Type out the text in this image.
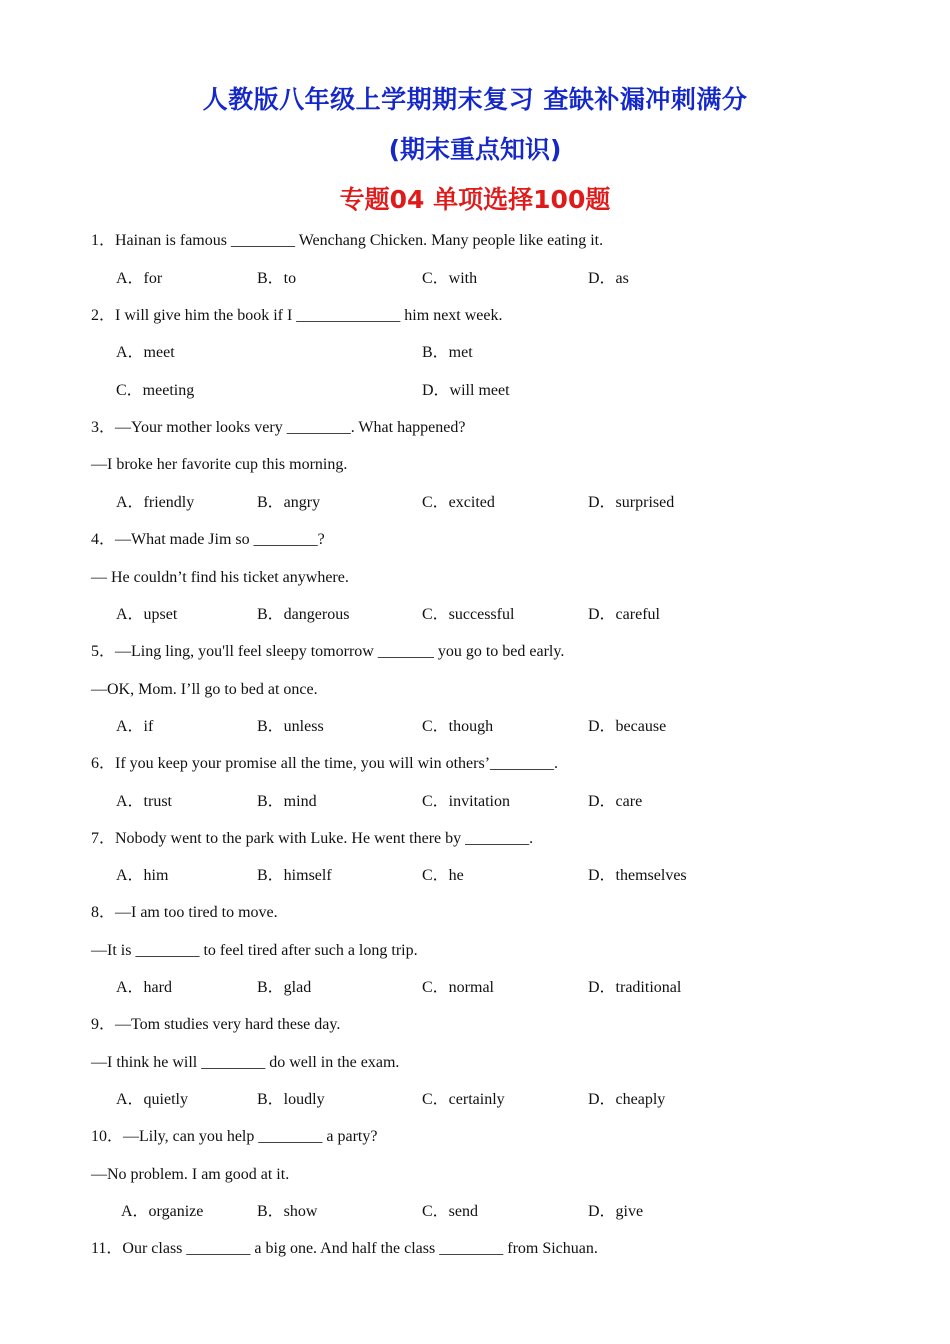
人教版八年级上学期期末复习 查缺补漏冲刺满分
(期末重点知识)
专题04 单项选择100题
1．Hainan is famous ________ Wenchang Chicken. Many people like eating it.
A．for	B．to	C．with	D．as
2．I will give him the book if I _____________ him next week.
A．meet	B．met
C．meeting	D．will meet
3．—Your mother looks very ________. What happened?
—I broke her favorite cup this morning.
A．friendly	B．angry	C．excited	D．surprised
4．—What made Jim so ________?
— He couldn’t find his ticket anywhere.
A．upset	B．dangerous	C．successful	D．careful
5．—Ling ling, you'll feel sleepy tomorrow _______ you go to bed early.
—OK, Mom. I’ll go to bed at once.
A．if	B．unless	C．though	D．because
6．If you keep your promise all the time, you will win others’________.
A．trust	B．mind	C．invitation	D．care
7．Nobody went to the park with Luke. He went there by ________.
A．him	B．himself	C．he	D．themselves
8．—I am too tired to move.
—It is ________ to feel tired after such a long trip.
A．hard	B．glad	C．normal	D．traditional
9．—Tom studies very hard these day.
—I think he will ________ do well in the exam.
A．quietly	B．loudly	C．certainly	D．cheaply
10．—Lily, can you help ________ a party?
—No problem. I am good at it.
A．organize	B．show	C．send	D．give
11．Our class ________ a big one. And half the class ________ from Sichuan.
